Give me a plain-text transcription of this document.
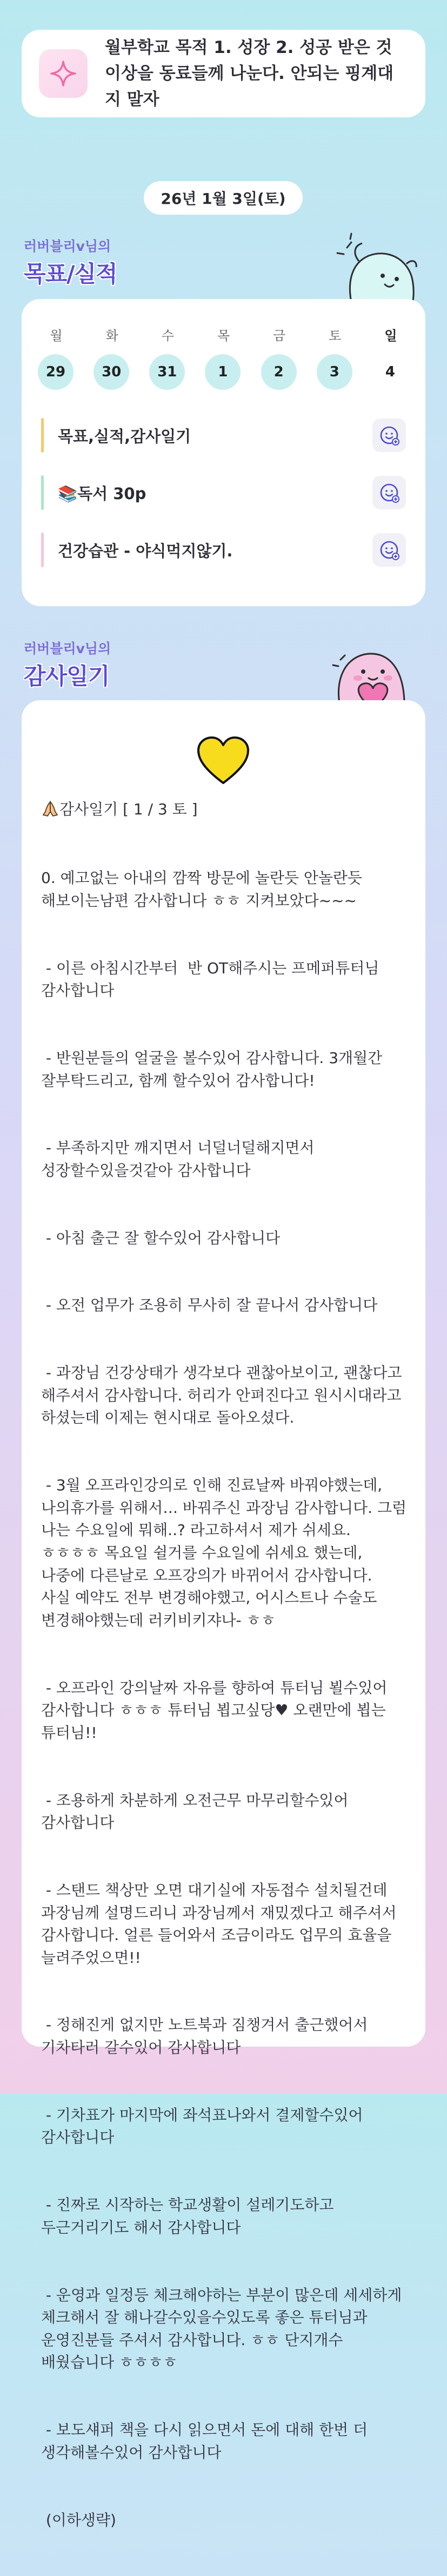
월부학교 목적 1. 성장 2. 성공 받은 것 이상을 동료들께 나눈다. 안되는 핑계대지 말자
26년 1월 3일(토)
러버블리v님의
목표/실적
월
29
화
30
수
31
목
1
금
2
토
3
일
4
목표,실적,감사일기
📚독서 30p
건강습관 - 야식먹지않기.
러버블리v님의
감사일기
감사일기 [ 1 / 3 토 ]

0. 예고없는 아내의 깜짝 방문에 놀란듯 안놀란듯 해보이는남편 감사합니다 ㅎㅎ 지켜보았다~~~

- 이른 아침시간부터  반 OT해주시는 프메퍼튜터님 감사합니다

- 반원분들의 얼굴을 볼수있어 감사합니다. 3개월간 잘부탁드리고, 함께 할수있어 감사합니다!

- 부족하지만 깨지면서 너덜너덜해지면서 성장할수있을것같아 감사합니다

- 아침 출근 잘 할수있어 감사합니다

- 오전 업무가 조용히 무사히 잘 끝나서 감사합니다

- 과장님 건강상태가 생각보다 괜찮아보이고, 괜찮다고 해주셔서 감사합니다. 허리가 안펴진다고 원시시대라고 하셨는데 이제는 현시대로 돌아오셨다.

- 3월 오프라인강의로 인해 진료날짜 바꿔야했는데, 나의휴가를 위해서‥. 바꿔주신 과장님 감사합니다. 그럼 나는 수요일에 뭐해..? 라고하셔서 제가 쉬세요. ㅎㅎㅎㅎ 목요일 쉴거를 수요일에 쉬세요 했는데, 나중에 다른날로 오프강의가 바뀌어서 감사합니다.  사실 예약도 전부 변경해야했고, 어시스트나 수술도 변경해야했는데 러키비키쟈나- ㅎㅎ

- 오프라인 강의날짜 자유를 향하여 튜터님 뵐수있어 감사합니다 ㅎㅎㅎ 튜터님 뵙고싶당♥ 오랜만에 뵙는 튜터님!!

- 조용하게 차분하게 오전근무 마무리할수있어 감사합니다

- 스탠드 책상만 오면 대기실에 자동접수 설치될건데 과장님께 설명드리니 과장님께서 재밌겠다고 해주셔서 감사합니다. 얼른 들어와서 조금이라도 업무의 효율을 늘려주었으면!!

- 정해진게 없지만 노트북과 짐챙겨서 출근했어서 기차타러 갈수있어 감사합니다

- 기차표가 마지막에 좌석표나와서 결제할수있어 감사합니다

- 진짜로 시작하는 학교생활이 설레기도하고 두근거리기도 해서 감사합니다

- 운영과 일정등 체크해야하는 부분이 많은데 세세하게 체크해서 잘 해나갈수있을수있도록 좋은 튜터님과 운영진분들 주셔서 감사합니다. ㅎㅎ 단지개수 배웠습니다 ㅎㅎㅎㅎ

- 보도섀퍼 책을 다시 읽으면서 돈에 대해 한번 더 생각해볼수있어 감사합니다

(이하생략)
